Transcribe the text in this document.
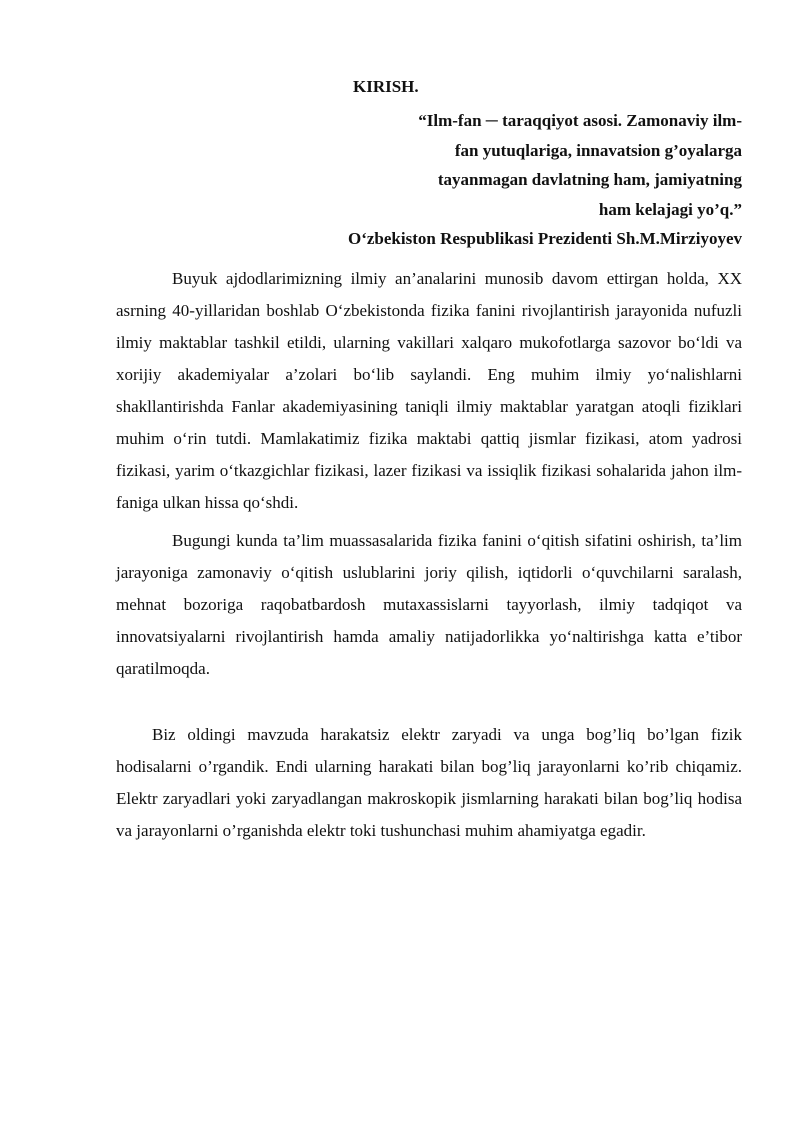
KIRISH.
“Ilm-fan ─ taraqqiyot asosi. Zamonaviy ilm-
fan yutuqlariga, innavatsion g’oyalarga
tayanmagan davlatning ham, jamiyatning
ham kelajagi yo’q.”
O‘zbekiston Respublikasi Prezidenti Sh.M.Mirziyoyev

Buyuk ajdodlarimizning ilmiy an’analarini munosib davom ettirgan holda, XX asrning 40-yillaridan boshlab O‘zbekistonda fizika fanini rivojlantirish jarayonida nufuzli ilmiy maktablar tashkil etildi, ularning vakillari xalqaro mukofotlarga sazovor bo‘ldi va xorijiy akademiyalar a’zolari bo‘lib saylandi. Eng muhim ilmiy yo‘nalishlarni shakllantirishda Fanlar akademiyasining taniqli ilmiy maktablar yaratgan atoqli fiziklari muhim o‘rin tutdi. Mamlakatimiz fizika maktabi qattiq jismlar fizikasi, atom yadrosi fizikasi, yarim o‘tkazgichlar fizikasi, lazer fizikasi va issiqlik fizikasi sohalarida jahon ilm-faniga ulkan hissa qo‘shdi.

Bugungi kunda ta’lim muassasalarida fizika fanini o‘qitish sifatini oshirish, ta’lim jarayoniga zamonaviy o‘qitish uslublarini joriy qilish, iqtidorli o‘quvchilarni saralash, mehnat bozoriga raqobatbardosh mutaxassislarni tayyorlash, ilmiy tadqiqot va innovatsiyalarni rivojlantirish hamda amaliy natijadorlikka yo‘naltirishga katta e’tibor qaratilmoqda.

Biz oldingi mavzuda harakatsiz elektr zaryadi va unga bog’liq bo’lgan fizik hodisalarni o’rgandik. Endi ularning harakati bilan bog’liq jarayonlarni ko’rib chiqamiz. Elektr zaryadlari yoki zaryadlangan makroskopik jismlarning harakati bilan bog’liq hodisa va jarayonlarni o’rganishda elektr toki tushunchasi muhim ahamiyatga egadir.
